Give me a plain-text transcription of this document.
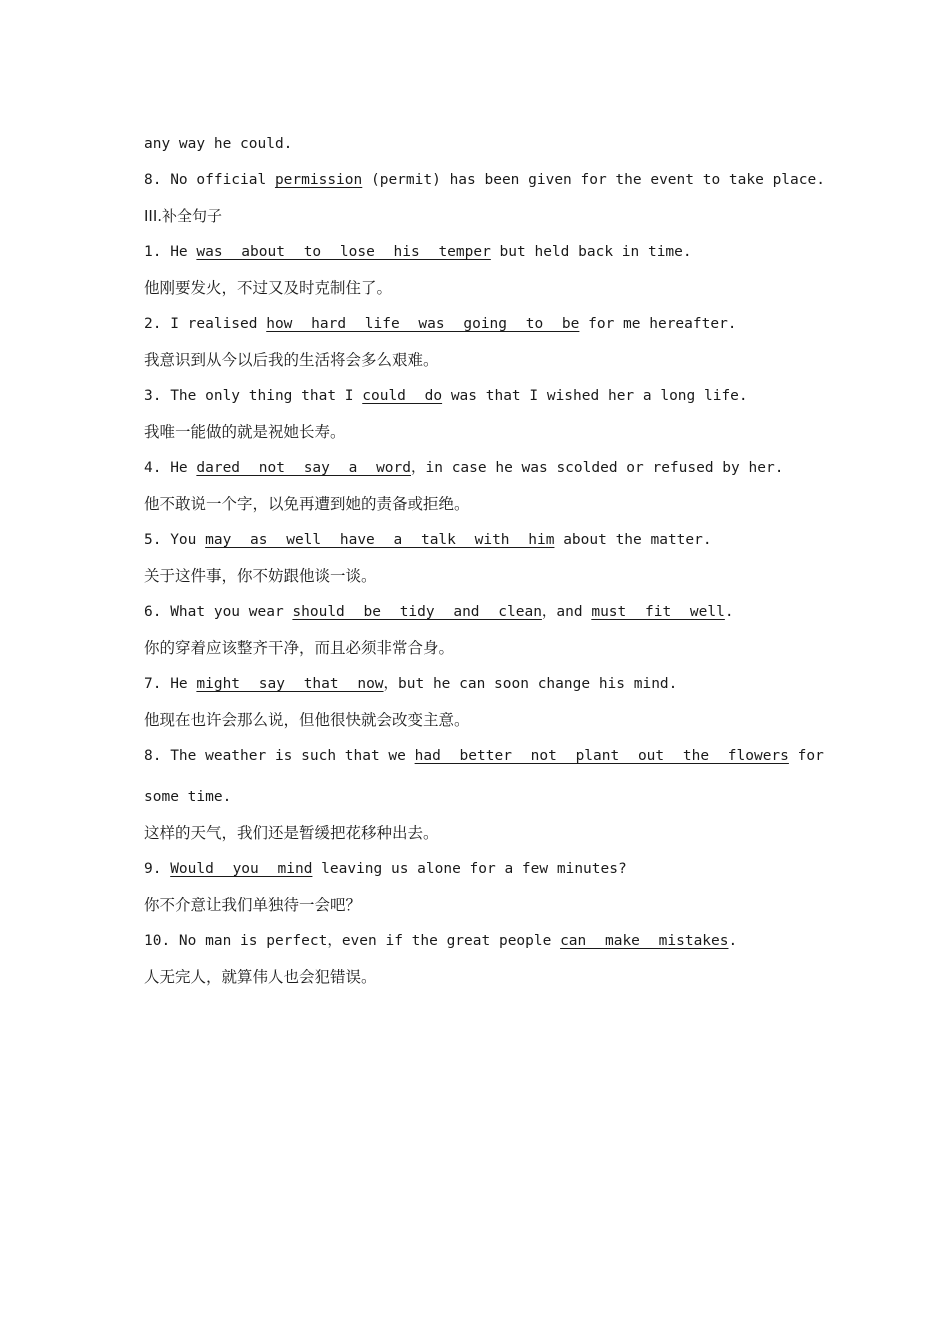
any way he could.
8. No official permission (permit) has been given for the event to take place.
III.补全句子
1. He was about to lose his temper but held back in time.
他刚要发火，不过又及时克制住了。
2. I realised how hard life was going to be for me hereafter.
我意识到从今以后我的生活将会多么艰难。
3. The only thing that I could do was that I wished her a long life.
我唯一能做的就是祝她长寿。
4. He dared not say a word，in case he was scolded or refused by her.
他不敢说一个字，以免再遭到她的责备或拒绝。
5. You may as well have a talk with him about the matter.
关于这件事，你不妨跟他谈一谈。
6. What you wear should be tidy and clean，and must fit well.
你的穿着应该整齐干净，而且必须非常合身。
7. He might say that now，but he can soon change his mind.
他现在也许会那么说，但他很快就会改变主意。
8. The weather is such that we had better not plant out the flowers for
some time.
这样的天气，我们还是暂缓把花移种出去。
9. Would you mind leaving us alone for a few minutes?
你不介意让我们单独待一会吧？
10. No man is perfect，even if the great people can make mistakes.
人无完人，就算伟人也会犯错误。
